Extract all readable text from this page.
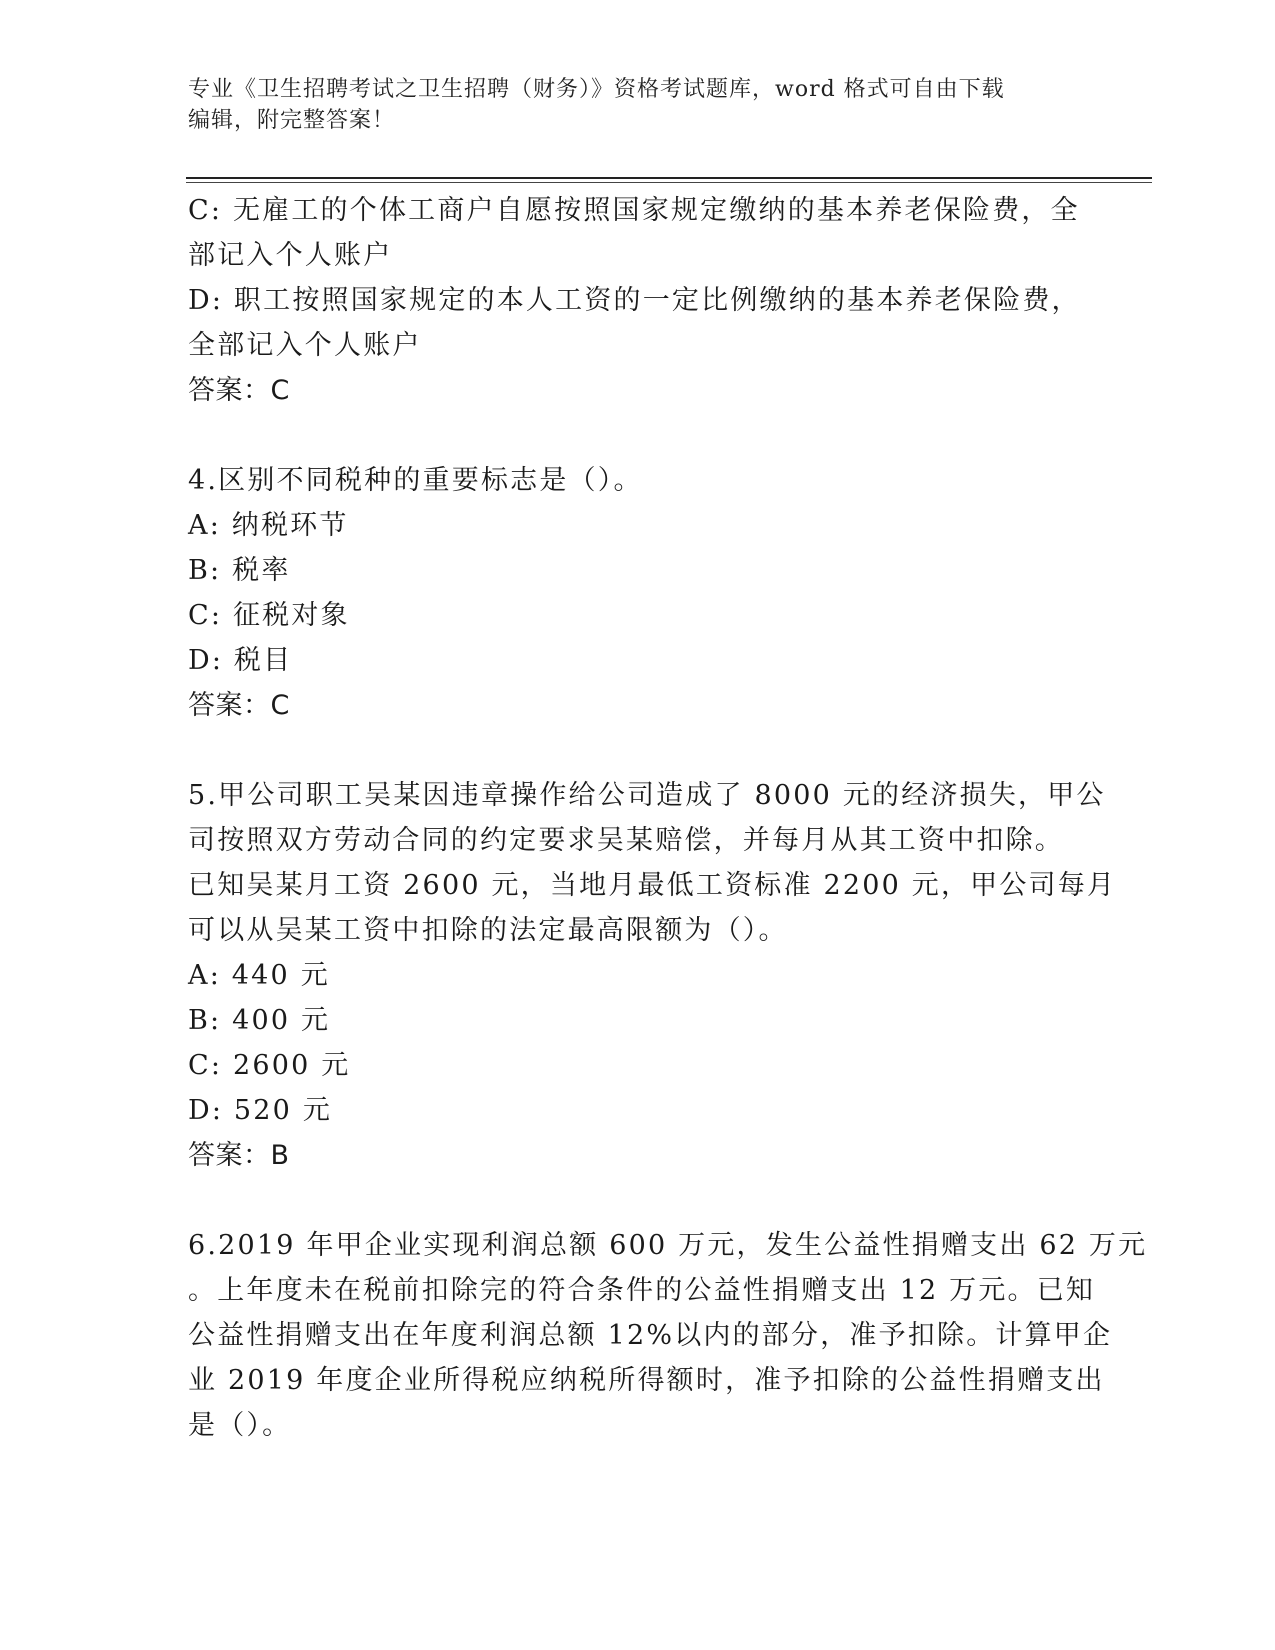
专业《卫生招聘考试之卫生招聘（财务）》资格考试题库，word 格式可自由下载
编辑，附完整答案！
C: 无雇工的个体工商户自愿按照国家规定缴纳的基本养老保险费，全
部记入个人账户
D: 职工按照国家规定的本人工资的一定比例缴纳的基本养老保险费，
全部记入个人账户
答案：C
4.区别不同税种的重要标志是（）。
A: 纳税环节
B: 税率
C: 征税对象
D: 税目
答案：C
5.甲公司职工吴某因违章操作给公司造成了 8000 元的经济损失，甲公
司按照双方劳动合同的约定要求吴某赔偿，并每月从其工资中扣除。
已知吴某月工资 2600 元，当地月最低工资标准 2200 元，甲公司每月
可以从吴某工资中扣除的法定最高限额为（）。
A: 440 元
B: 400 元
C: 2600 元
D: 520 元
答案：B
6.2019 年甲企业实现利润总额 600 万元，发生公益性捐赠支出 62 万元
。上年度未在税前扣除完的符合条件的公益性捐赠支出 12 万元。已知
公益性捐赠支出在年度利润总额 12%以内的部分，准予扣除。计算甲企
业 2019 年度企业所得税应纳税所得额时，准予扣除的公益性捐赠支出
是（）。
